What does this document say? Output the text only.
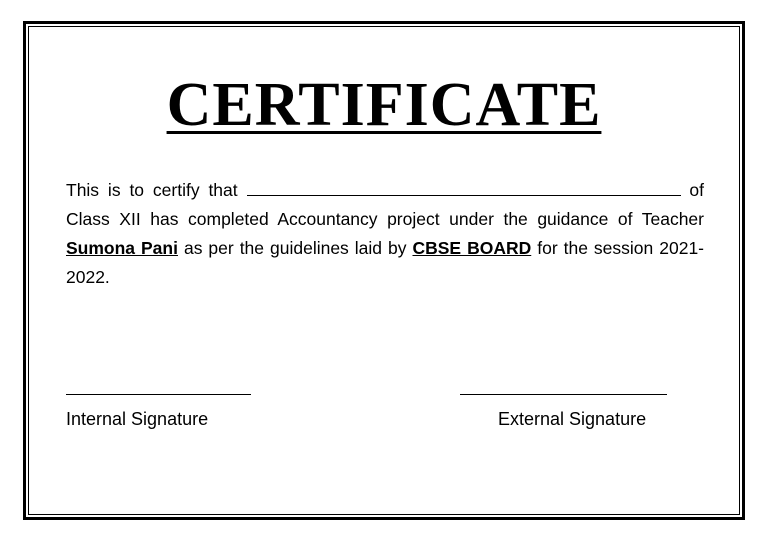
CERTIFICATE
This is to certify that	of Class XII has completed Accountancy project under the guidance of Teacher Sumona Pani as per the guidelines laid by CBSE BOARD for the session 2021-2022.
Internal Signature	External Signature
